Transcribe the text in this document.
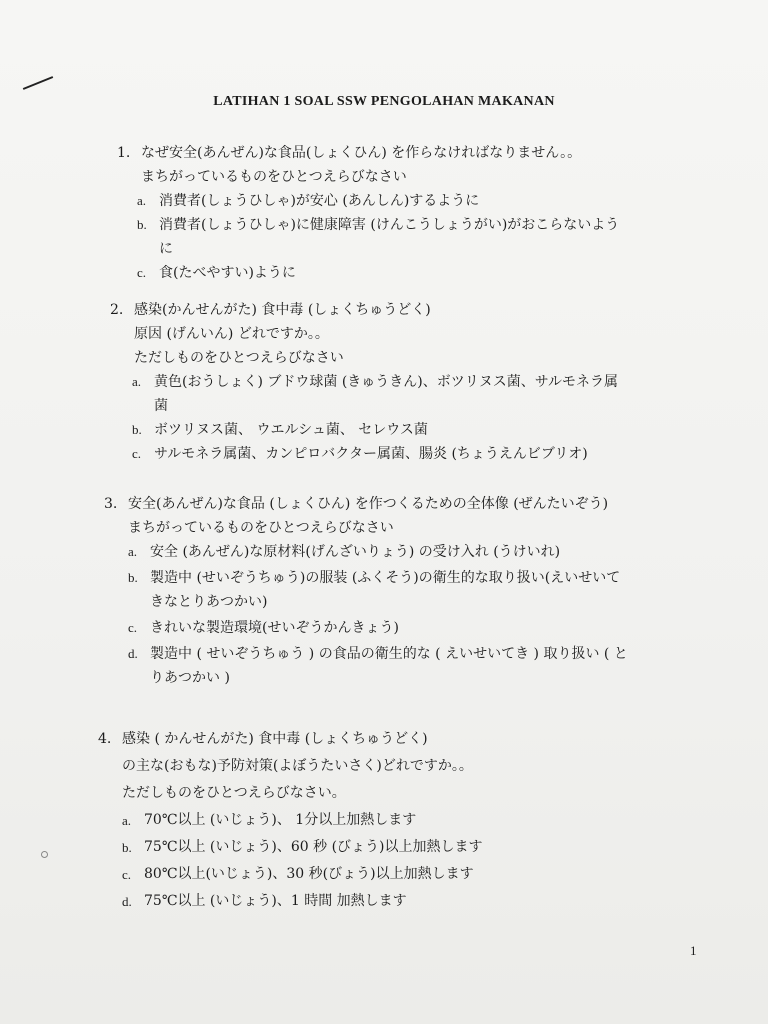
LATIHAN 1 SOAL SSW PENGOLAHAN MAKANAN
1. なぜ安全(あんぜん)な食品(しょくひん) を作らなければなりません。。
まちがっているものをひとつえらびなさい
a. 消費者(しょうひしゃ)が安心 (あんしん)するように
b. 消費者(しょうひしゃ)に健康障害 (けんこうしょうがい)がおこらないよう
に
c. 食(たべやすい)ように
2. 感染(かんせんがた) 食中毒 (しょくちゅうどく)
原因 (げんいん) どれですか。。
ただしものをひとつえらびなさい
a. 黄色(おうしょく) ブドウ球菌 (きゅうきん)、ボツリヌス菌、サルモネラ属
菌
b. ボツリヌス菌、 ウエルシュ菌、 セレウス菌
c. サルモネラ属菌、カンピロバクター属菌、腸炎 (ちょうえんビブリオ)
3. 安全(あんぜん)な食品 (しょくひん) を作つくるための全体像 (ぜんたいぞう)
まちがっているものをひとつえらびなさい
a. 安全 (あんぜん)な原材料(げんざいりょう) の受け入れ (うけいれ)
b. 製造中 (せいぞうちゅう)の服装 (ふくそう)の衛生的な取り扱い(えいせいて
きなとりあつかい)
c. きれいな製造環境(せいぞうかんきょう)
d. 製造中 ( せいぞうちゅう ) の食品の衛生的な ( えいせいてき ) 取り扱い ( と
りあつかい )
4. 感染 ( かんせんがた) 食中毒 (しょくちゅうどく)
の主な(おもな)予防対策(よぼうたいさく)どれですか。。
ただしものをひとつえらびなさい。
a. 70℃以上 (いじょう)、 1分以上加熱します
b. 75℃以上 (いじょう)、60 秒 (びょう)以上加熱します
c. 80℃以上(いじょう)、30 秒(びょう)以上加熱します
d. 75℃以上 (いじょう)、1 時間 加熱します
1
